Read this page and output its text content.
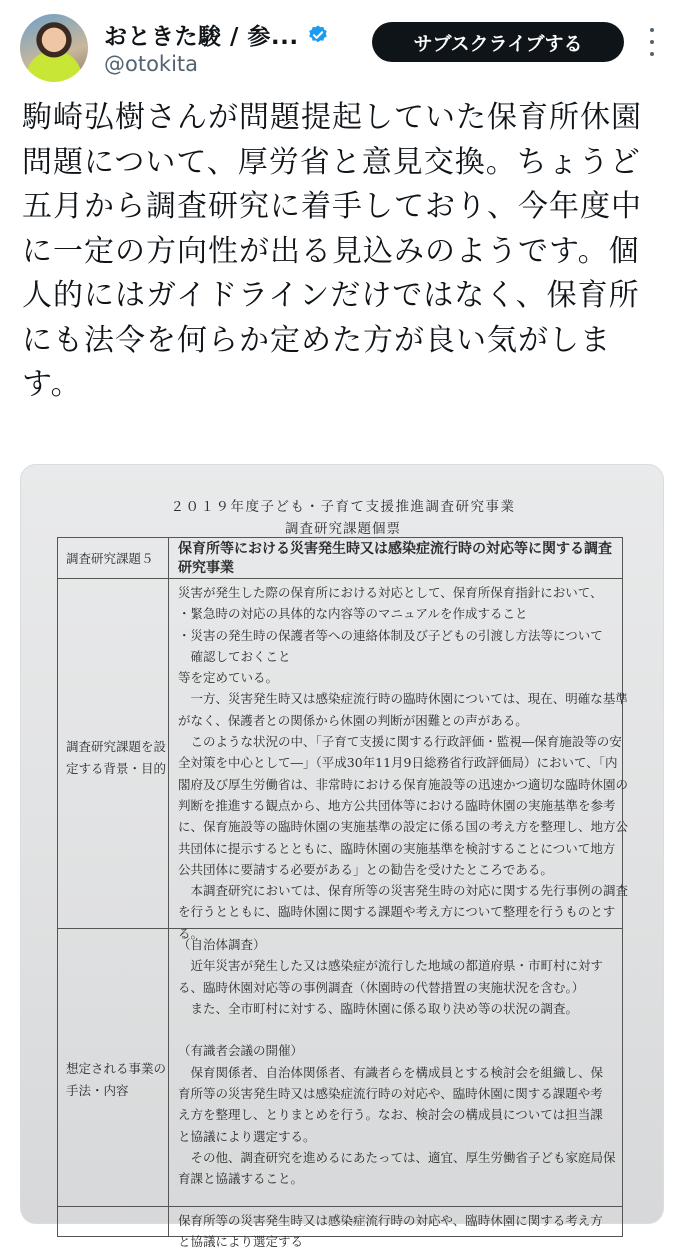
おときた駿 / 参...
@otokita
サブスクライブする
駒崎弘樹さんが問題提起していた保育所休園問題について、厚労省と意見交換。ちょうど五月から調査研究に着手しており、今年度中に一定の方向性が出る見込みのようです。個人的にはガイドラインだけではなく、保育所にも法令を何らか定めた方が良い気がします。
２０１９年度子ども・子育て支援推進調査研究事業
調査研究課題個票
調査研究課題５

保育所等における災害発生時又は感染症流行時の対応等に関する調査研究事業

調査研究課題を設定する背景・目的

災害が発生した際の保育所における対応として、保育所保育指針において、

・緊急時の対応の具体的な内容等のマニュアルを作成すること

・災害の発生時の保護者等への連絡体制及び子どもの引渡し方法等について

　確認しておくこと

等を定めている。

　一方、災害発生時又は感染症流行時の臨時休園については、現在、明確な基準

がなく、保護者との関係から休園の判断が困難との声がある。

　このような状況の中、「子育て支援に関する行政評価・監視―保育施設等の安

全対策を中心として―」（平成30年11月9日総務省行政評価局）において、「内

閣府及び厚生労働省は、非常時における保育施設等の迅速かつ適切な臨時休園の

判断を推進する観点から、地方公共団体等における臨時休園の実施基準を参考

に、保育施設等の臨時休園の実施基準の設定に係る国の考え方を整理し、地方公

共団体に提示するとともに、臨時休園の実施基準を検討することについて地方

公共団体に要請する必要がある」との勧告を受けたところである。

　本調査研究においては、保育所等の災害発生時の対応に関する先行事例の調査

を行うとともに、臨時休園に関する課題や考え方について整理を行うものとす

る。

想定される事業の手法・内容

（自治体調査）

　近年災害が発生した又は感染症が流行した地域の都道府県・市町村に対す

る、臨時休園対応等の事例調査（休園時の代替措置の実施状況を含む。）

　また、全市町村に対する、臨時休園に係る取り決め等の状況の調査。

（有識者会議の開催）

　保育関係者、自治体関係者、有識者らを構成員とする検討会を組織し、保

育所等の災害発生時又は感染症流行時の対応や、臨時休園に関する課題や考

え方を整理し、とりまとめを行う。なお、検討会の構成員については担当課

と協議により選定する。

　その他、調査研究を進めるにあたっては、適宜、厚生労働省子ども家庭局保

育課と協議すること。

保育所等の災害発生時又は感染症流行時の対応や、臨時休園に関する考え方

と協議により選定する
